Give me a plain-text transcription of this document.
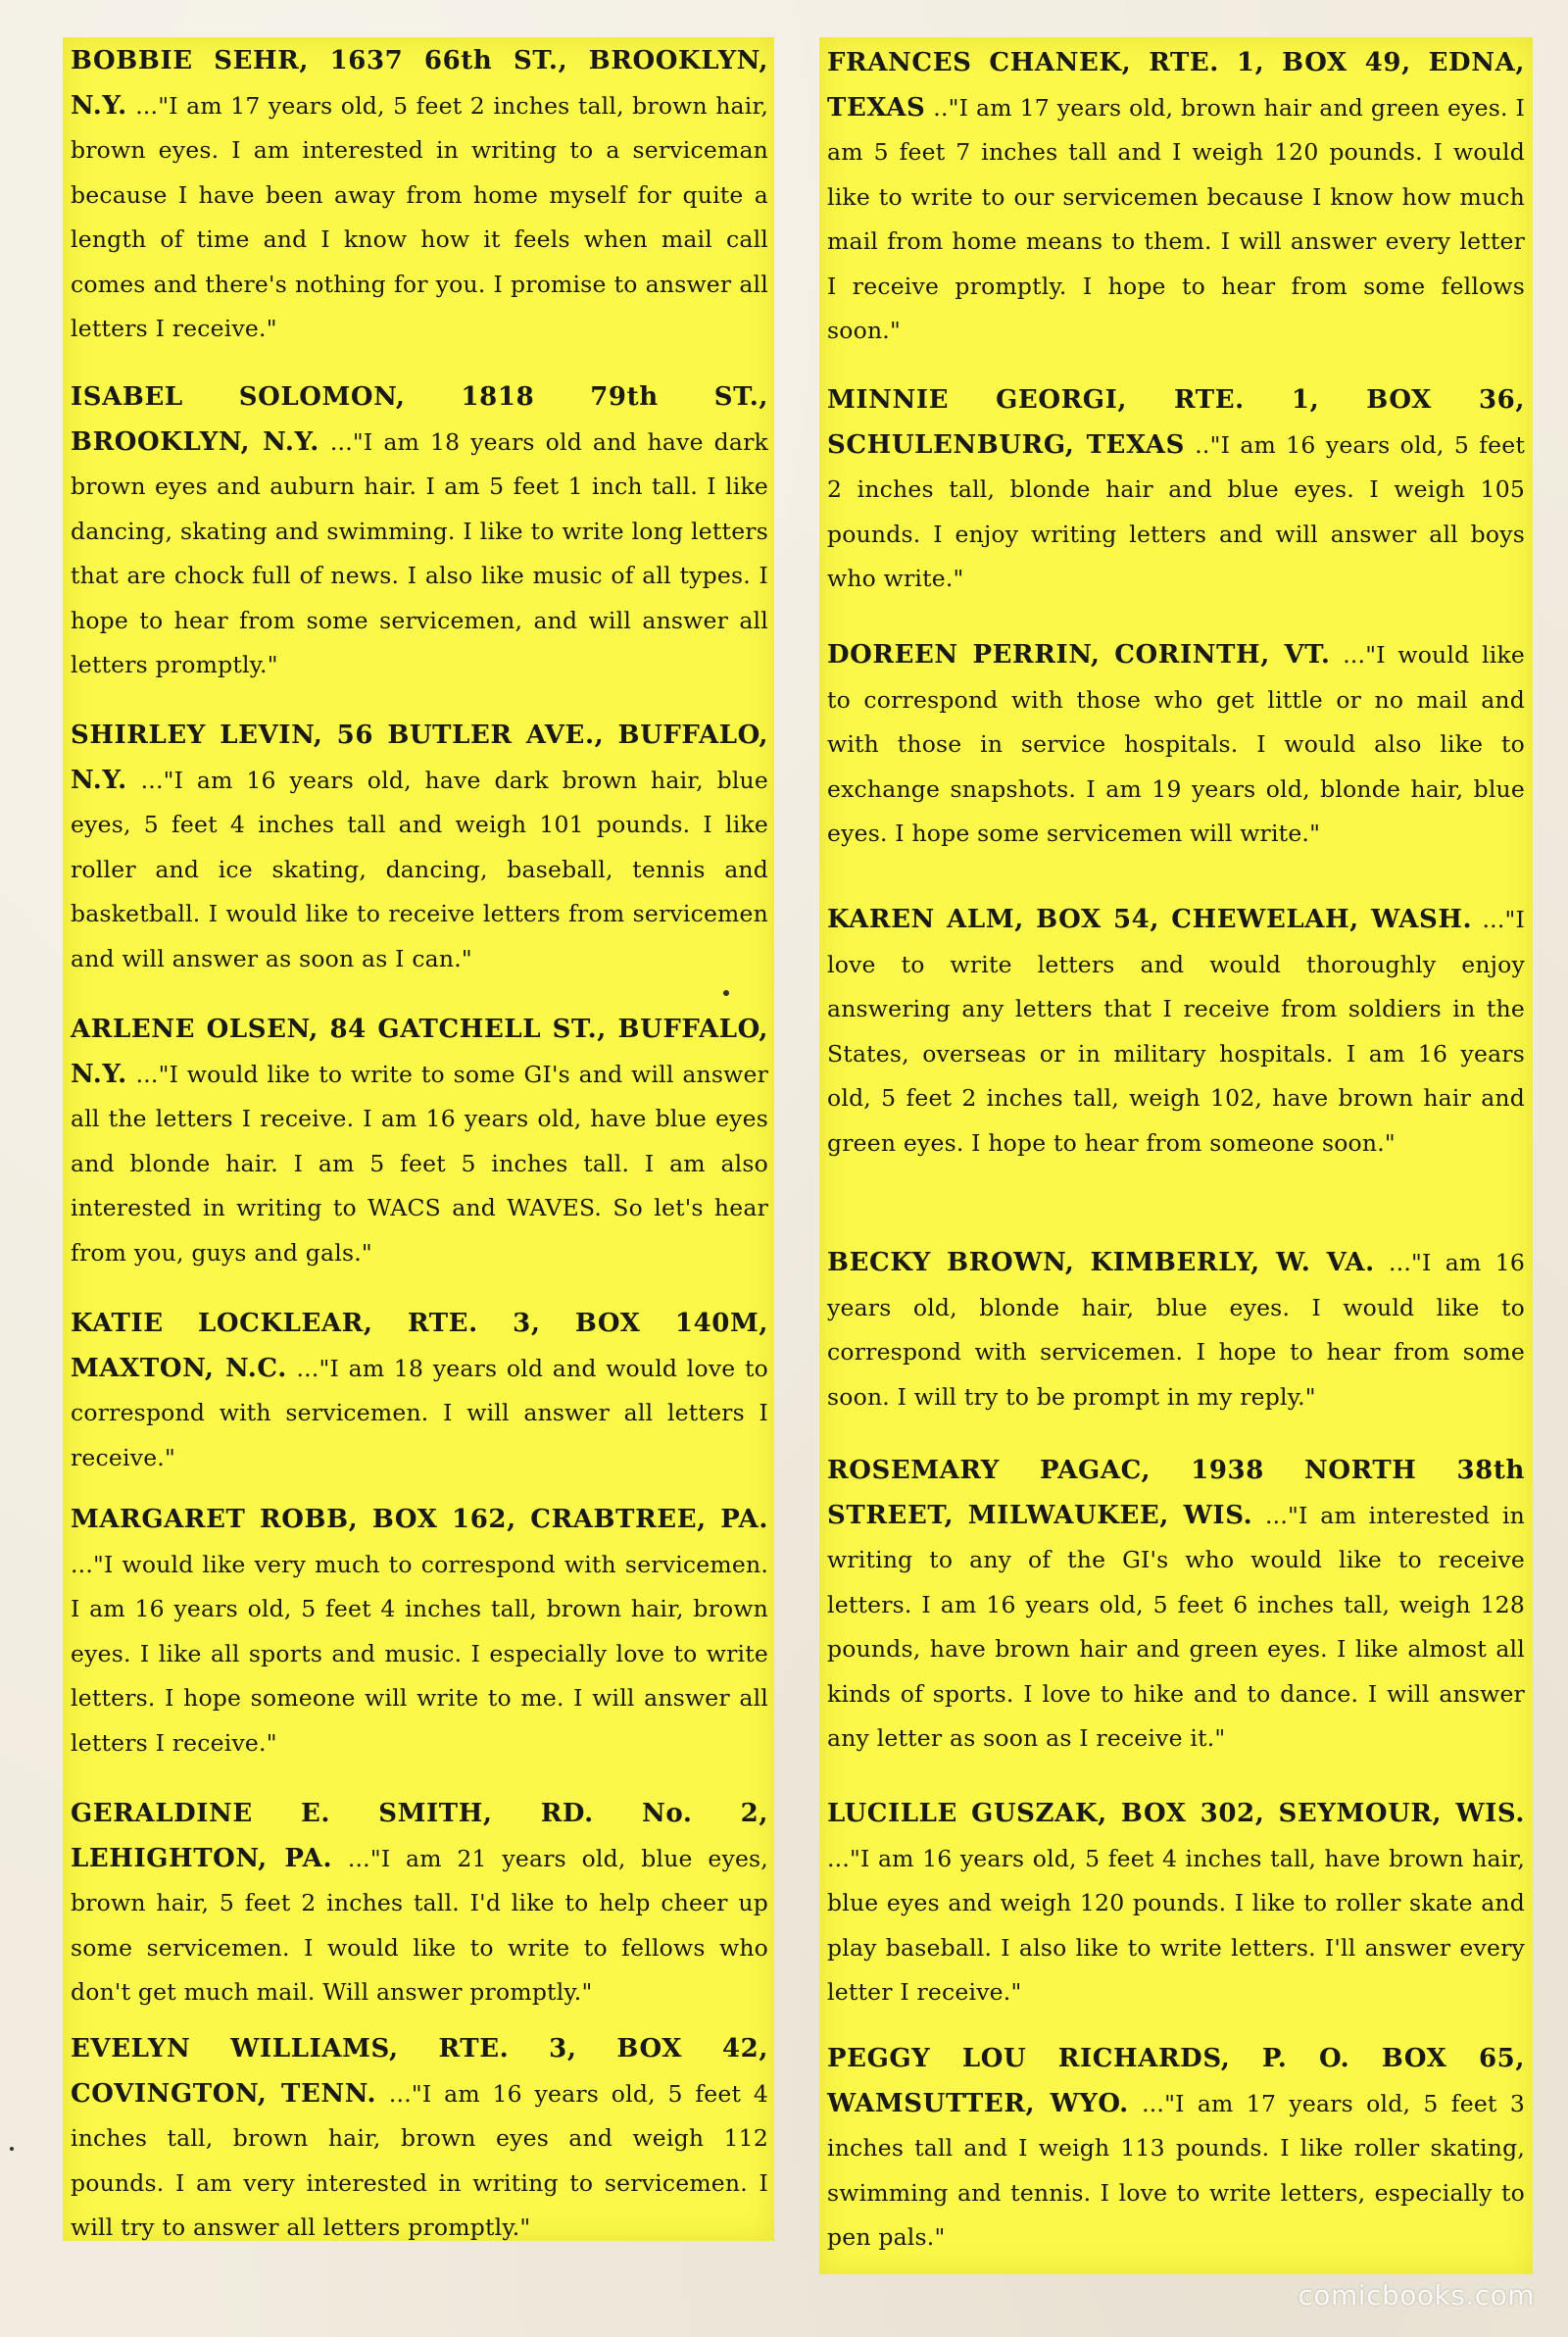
BOBBIE SEHR, 1637 66th ST., BROOKLYN, N.Y. ..."I am 17 years old, 5 feet 2 inches tall, brown hair, brown eyes. I am interested in writing to a serviceman because I have been away from home myself for quite a length of time and I know how it feels when mail call comes and there's nothing for you. I promise to answer all letters I receive."
ISABEL SOLOMON, 1818 79th ST., BROOKLYN, N.Y. ..."I am 18 years old and have dark brown eyes and auburn hair. I am 5 feet 1 inch tall. I like dancing, skating and swimming. I like to write long letters that are chock full of news. I also like music of all types. I hope to hear from some servicemen, and will answer all letters promptly."
SHIRLEY LEVIN, 56 BUTLER AVE., BUFFALO, N.Y. ..."I am 16 years old, have dark brown hair, blue eyes, 5 feet 4 inches tall and weigh 101 pounds. I like roller and ice skating, dancing, baseball, tennis and basketball. I would like to receive letters from servicemen and will answer as soon as I can."
ARLENE OLSEN, 84 GATCHELL ST., BUFFALO, N.Y. ..."I would like to write to some GI's and will answer all the letters I receive. I am 16 years old, have blue eyes and blonde hair. I am 5 feet 5 inches tall. I am also interested in writing to WACS and WAVES. So let's hear from you, guys and gals."
KATIE LOCKLEAR, RTE. 3, BOX 140M, MAXTON, N.C. ..."I am 18 years old and would love to correspond with servicemen. I will answer all letters I receive."
MARGARET ROBB, BOX 162, CRABTREE, PA. ..."I would like very much to correspond with servicemen. I am 16 years old, 5 feet 4 inches tall, brown hair, brown eyes. I like all sports and music. I especially love to write letters. I hope someone will write to me. I will answer all letters I receive."
GERALDINE E. SMITH, RD. No. 2, LEHIGHTON, PA. ..."I am 21 years old, blue eyes, brown hair, 5 feet 2 inches tall. I'd like to help cheer up some servicemen. I would like to write to fellows who don't get much mail. Will answer promptly."
EVELYN WILLIAMS, RTE. 3, BOX 42, COVINGTON, TENN. ..."I am 16 years old, 5 feet 4 inches tall, brown hair, brown eyes and weigh 112 pounds. I am very interested in writing to servicemen. I will try to answer all letters promptly."
FRANCES CHANEK, RTE. 1, BOX 49, EDNA, TEXAS .."I am 17 years old, brown hair and green eyes. I am 5 feet 7 inches tall and I weigh 120 pounds. I would like to write to our servicemen because I know how much mail from home means to them. I will answer every letter I receive promptly. I hope to hear from some fellows soon."
MINNIE GEORGI, RTE. 1, BOX 36, SCHULENBURG, TEXAS .."I am 16 years old, 5 feet 2 inches tall, blonde hair and blue eyes. I weigh 105 pounds. I enjoy writing letters and will answer all boys who write."
DOREEN PERRIN, CORINTH, VT. ..."I would like to correspond with those who get little or no mail and with those in service hospitals. I would also like to exchange snapshots. I am 19 years old, blonde hair, blue eyes. I hope some servicemen will write."
KAREN ALM, BOX 54, CHEWELAH, WASH. ..."I love to write letters and would thoroughly enjoy answering any letters that I receive from soldiers in the States, overseas or in military hospitals. I am 16 years old, 5 feet 2 inches tall, weigh 102, have brown hair and green eyes. I hope to hear from someone soon."
BECKY BROWN, KIMBERLY, W. VA. ..."I am 16 years old, blonde hair, blue eyes. I would like to correspond with servicemen. I hope to hear from some soon. I will try to be prompt in my reply."
ROSEMARY PAGAC, 1938 NORTH 38th STREET, MILWAUKEE, WIS. ..."I am interested in writing to any of the GI's who would like to receive letters. I am 16 years old, 5 feet 6 inches tall, weigh 128 pounds, have brown hair and green eyes. I like almost all kinds of sports. I love to hike and to dance. I will answer any letter as soon as I receive it."
LUCILLE GUSZAK, BOX 302, SEYMOUR, WIS. ..."I am 16 years old, 5 feet 4 inches tall, have brown hair, blue eyes and weigh 120 pounds. I like to roller skate and play baseball. I also like to write letters. I'll answer every letter I receive."
PEGGY LOU RICHARDS, P. O. BOX 65, WAMSUTTER, WYO. ..."I am 17 years old, 5 feet 3 inches tall and I weigh 113 pounds. I like roller skating, swimming and tennis. I love to write letters, especially to pen pals."
comicbooks.com
